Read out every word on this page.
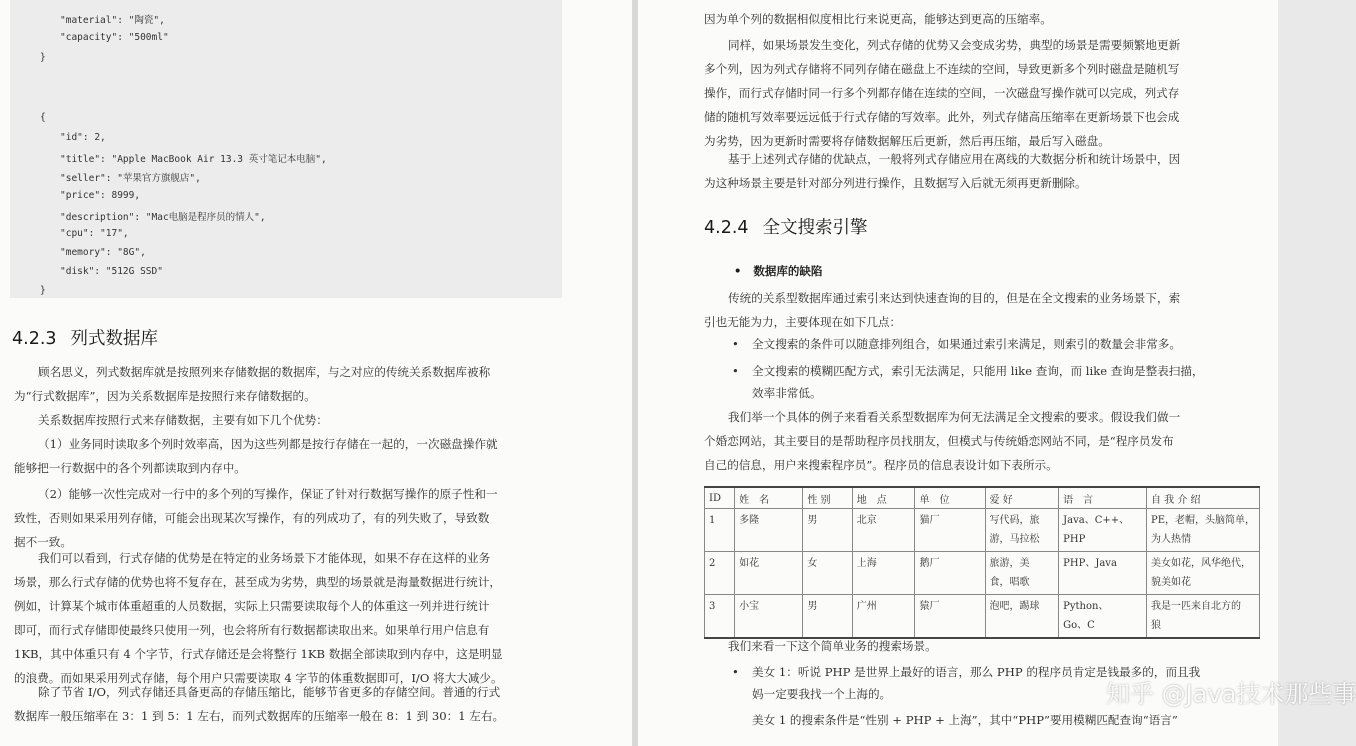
"material": "陶瓷",
"capacity": "500ml"
}
{
"id": 2,
"title": "Apple MacBook Air 13.3 英寸笔记本电脑",
"seller": "苹果官方旗舰店",
"price": 8999,
"description": "Mac电脑是程序员的情人",
"cpu": "17",
"memory": "8G",
"disk": "512G SSD"
}
4.2.3 列式数据库
顾名思义，列式数据库就是按照列来存储数据的数据库，与之对应的传统关系数据库被称
为“行式数据库”，因为关系数据库是按照行来存储数据的。
关系数据库按照行式来存储数据，主要有如下几个优势：
（1）业务同时读取多个列时效率高，因为这些列都是按行存储在一起的，一次磁盘操作就
能够把一行数据中的各个列都读取到内存中。
（2）能够一次性完成对一行中的多个列的写操作，保证了针对行数据写操作的原子性和一
致性，否则如果采用列存储，可能会出现某次写操作，有的列成功了，有的列失败了，导致数
据不一致。
我们可以看到，行式存储的优势是在特定的业务场景下才能体现，如果不存在这样的业务
场景，那么行式存储的优势也将不复存在，甚至成为劣势，典型的场景就是海量数据进行统计，
例如，计算某个城市体重超重的人员数据，实际上只需要读取每个人的体重这一列并进行统计
即可，而行式存储即使最终只使用一列，也会将所有行数据都读取出来。如果单行用户信息有
1KB，其中体重只有 4 个字节，行式存储还是会将整行 1KB 数据全部读取到内存中，这是明显
的浪费。而如果采用列式存储，每个用户只需要读取 4 字节的体重数据即可，I/O 将大大减少。
除了节省 I/O，列式存储还具备更高的存储压缩比，能够节省更多的存储空间。普通的行式
数据库一般压缩率在 3：1 到 5：1 左右，而列式数据库的压缩率一般在 8：1 到 30：1 左右。
因为单个列的数据相似度相比行来说更高，能够达到更高的压缩率。
同样，如果场景发生变化，列式存储的优势又会变成劣势，典型的场景是需要频繁地更新
多个列，因为列式存储将不同列存储在磁盘上不连续的空间，导致更新多个列时磁盘是随机写
操作，而行式存储时同一行多个列都存储在连续的空间，一次磁盘写操作就可以完成，列式存
储的随机写效率要远远低于行式存储的写效率。此外，列式存储高压缩率在更新场景下也会成
为劣势，因为更新时需要将存储数据解压后更新，然后再压缩，最后写入磁盘。
基于上述列式存储的优缺点，一般将列式存储应用在离线的大数据分析和统计场景中，因
为这种场景主要是针对部分列进行操作，且数据写入后就无须再更新删除。
4.2.4 全文搜索引擎
• 数据库的缺陷
传统的关系型数据库通过索引来达到快速查询的目的，但是在全文搜索的业务场景下，索
引也无能为力，主要体现在如下几点：
• 全文搜索的条件可以随意排列组合，如果通过索引来满足，则索引的数量会非常多。
• 全文搜索的模糊匹配方式，索引无法满足，只能用 like 查询，而 like 查询是整表扫描，
效率非常低。
我们举一个具体的例子来看看关系型数据库为何无法满足全文搜索的要求。假设我们做一
个婚恋网站，其主要目的是帮助程序员找朋友，但模式与传统婚恋网站不同，是“程序员发布
自己的信息，用户来搜索程序员”。程序员的信息表设计如下表所示。
ID	姓　名	性 别	地　点	单　位	爱 好	语　言	自 我 介 绍
1	多隆	男	北京	猫厂	写代码，旅
游，马拉松	Java、C++、
PHP	PE，老帽，头脑简单，
为人热情

2	如花	女	上海	鹅厂	旅游，美
食，唱歌	PHP、Java	美女如花，风华绝代，
貌美如花

3	小宝	男	广州	猿厂	泡吧，踢球	Python、
Go、C	我是一匹来自北方的
狼
我们来看一下这个简单业务的搜索场景。
• 美女 1：听说 PHP 是世界上最好的语言，那么 PHP 的程序员肯定是钱最多的，而且我
妈一定要我找一个上海的。
美女 1 的搜索条件是“性别 + PHP + 上海”，其中“PHP”要用模糊匹配查询“语言”
知乎 @Java技术那些事
